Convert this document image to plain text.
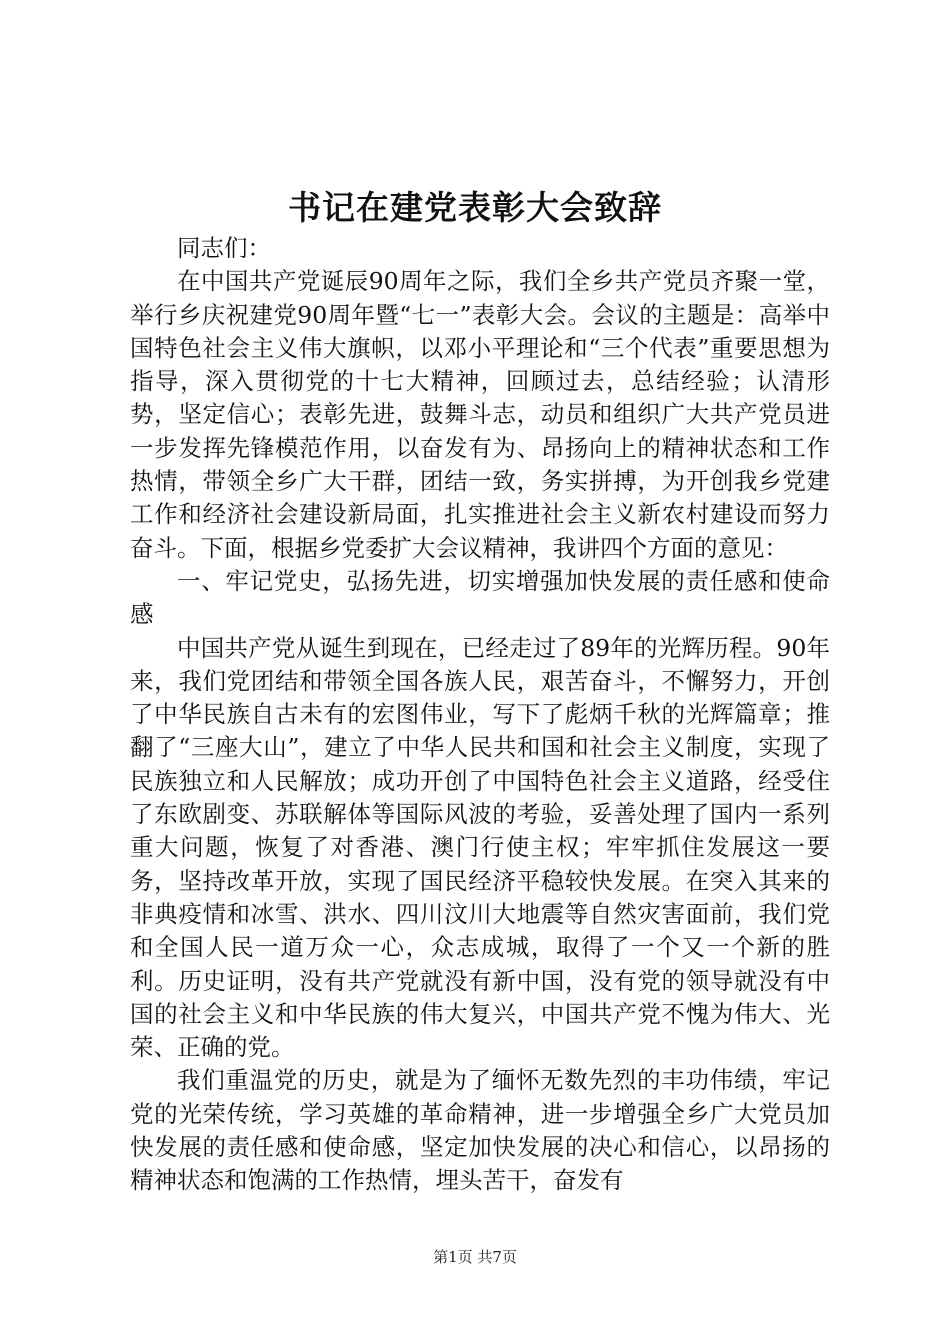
书记在建党表彰大会致辞

同志们：

在中国共产党诞辰90周年之际，我们全乡共产党员齐聚一堂，举行乡庆祝建党90周年暨“七一”表彰大会。会议的主题是：高举中国特色社会主义伟大旗帜，以邓小平理论和“三个代表”重要思想为指导，深入贯彻党的十七大精神，回顾过去，总结经验；认清形势，坚定信心；表彰先进，鼓舞斗志，动员和组织广大共产党员进一步发挥先锋模范作用，以奋发有为、昂扬向上的精神状态和工作热情，带领全乡广大干群，团结一致，务实拼搏，为开创我乡党建工作和经济社会建设新局面，扎实推进社会主义新农村建设而努力奋斗。下面，根据乡党委扩大会议精神，我讲四个方面的意见：

一、牢记党史，弘扬先进，切实增强加快发展的责任感和使命感

中国共产党从诞生到现在，已经走过了89年的光辉历程。90年来，我们党团结和带领全国各族人民，艰苦奋斗，不懈努力，开创了中华民族自古未有的宏图伟业，写下了彪炳千秋的光辉篇章；推翻了“三座大山”，建立了中华人民共和国和社会主义制度，实现了民族独立和人民解放；成功开创了中国特色社会主义道路，经受住了东欧剧变、苏联解体等国际风波的考验，妥善处理了国内一系列重大问题，恢复了对香港、澳门行使主权；牢牢抓住发展这一要务，坚持改革开放，实现了国民经济平稳较快发展。在突入其来的非典疫情和冰雪、洪水、四川汶川大地震等自然灾害面前，我们党和全国人民一道万众一心，众志成城，取得了一个又一个新的胜利。历史证明，没有共产党就没有新中国，没有党的领导就没有中国的社会主义和中华民族的伟大复兴，中国共产党不愧为伟大、光荣、正确的党。

我们重温党的历史，就是为了缅怀无数先烈的丰功伟绩，牢记党的光荣传统，学习英雄的革命精神，进一步增强全乡广大党员加快发展的责任感和使命感，坚定加快发展的决心和信心，以昂扬的精神状态和饱满的工作热情，埋头苦干，奋发有

第1页 共7页
